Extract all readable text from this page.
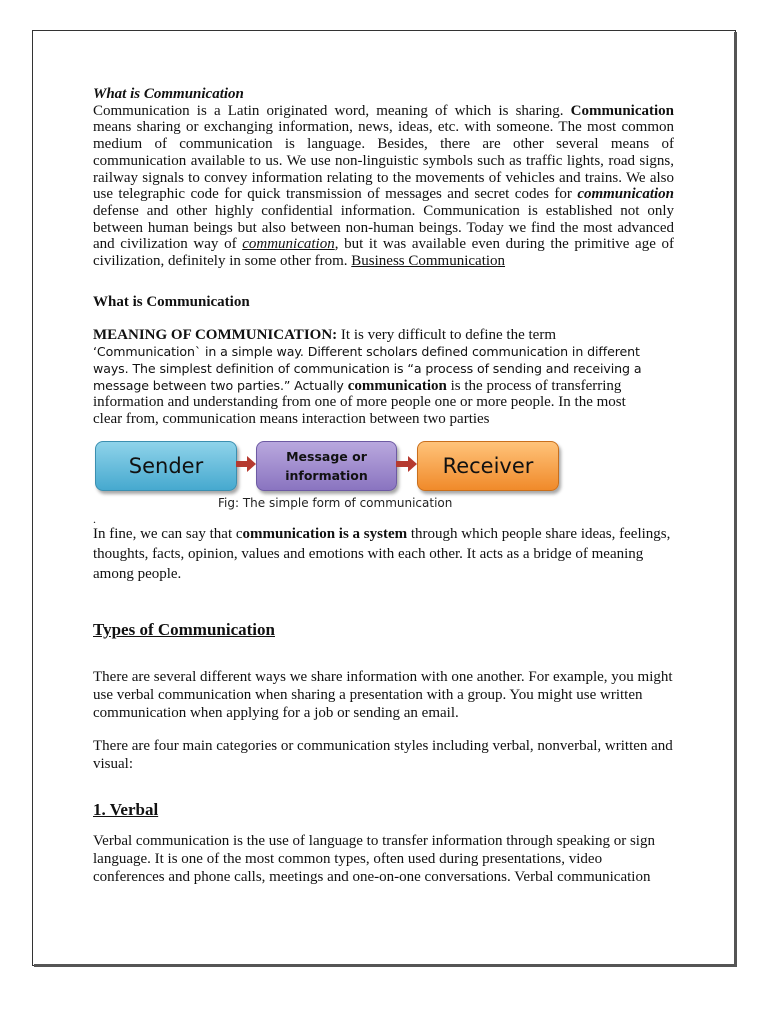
What is Communication

Communication is a Latin originated word, meaning of which is sharing. Communication means sharing or exchanging information, news, ideas, etc. with someone. The most common medium of communication is language. Besides, there are other several means of communication available to us. We use non-linguistic symbols such as traffic lights, road signs, railway signals to convey information relating to the movements of vehicles and trains. We also use telegraphic code for quick transmission of messages and secret codes for communication defense and other highly confidential information. Communication is established not only between human beings but also between non-human beings. Today we find the most advanced and civilization way of communication, but it was available even during the primitive age of civilization, definitely in some other from. Business Communication

What is Communication

MEANING OF COMMUNICATION: It is very difficult to define the term

‘Communication` in a simple way. Different scholars defined communication in different

ways. The simplest definition of communication is “a process of sending and receiving a

message between two parties.” Actually communication is the process of transferring

information and understanding from one of more people one or more people. In the most

clear from, communication means interaction between two parties

Sender	Message or information	Receiver
Fig: The simple form of communication

.

In fine, we can say that communication is a system through which people share ideas, feelings, thoughts, facts, opinion, values and emotions with each other. It acts as a bridge of meaning among people.

Types of Communication

There are several different ways we share information with one another. For example, you might use verbal communication when sharing a presentation with a group. You might use written communication when applying for a job or sending an email.

There are four main categories or communication styles including verbal, nonverbal, written and visual:

1. Verbal

Verbal communication is the use of language to transfer information through speaking or sign language. It is one of the most common types, often used during presentations, video conferences and phone calls, meetings and one-on-one conversations. Verbal communication
